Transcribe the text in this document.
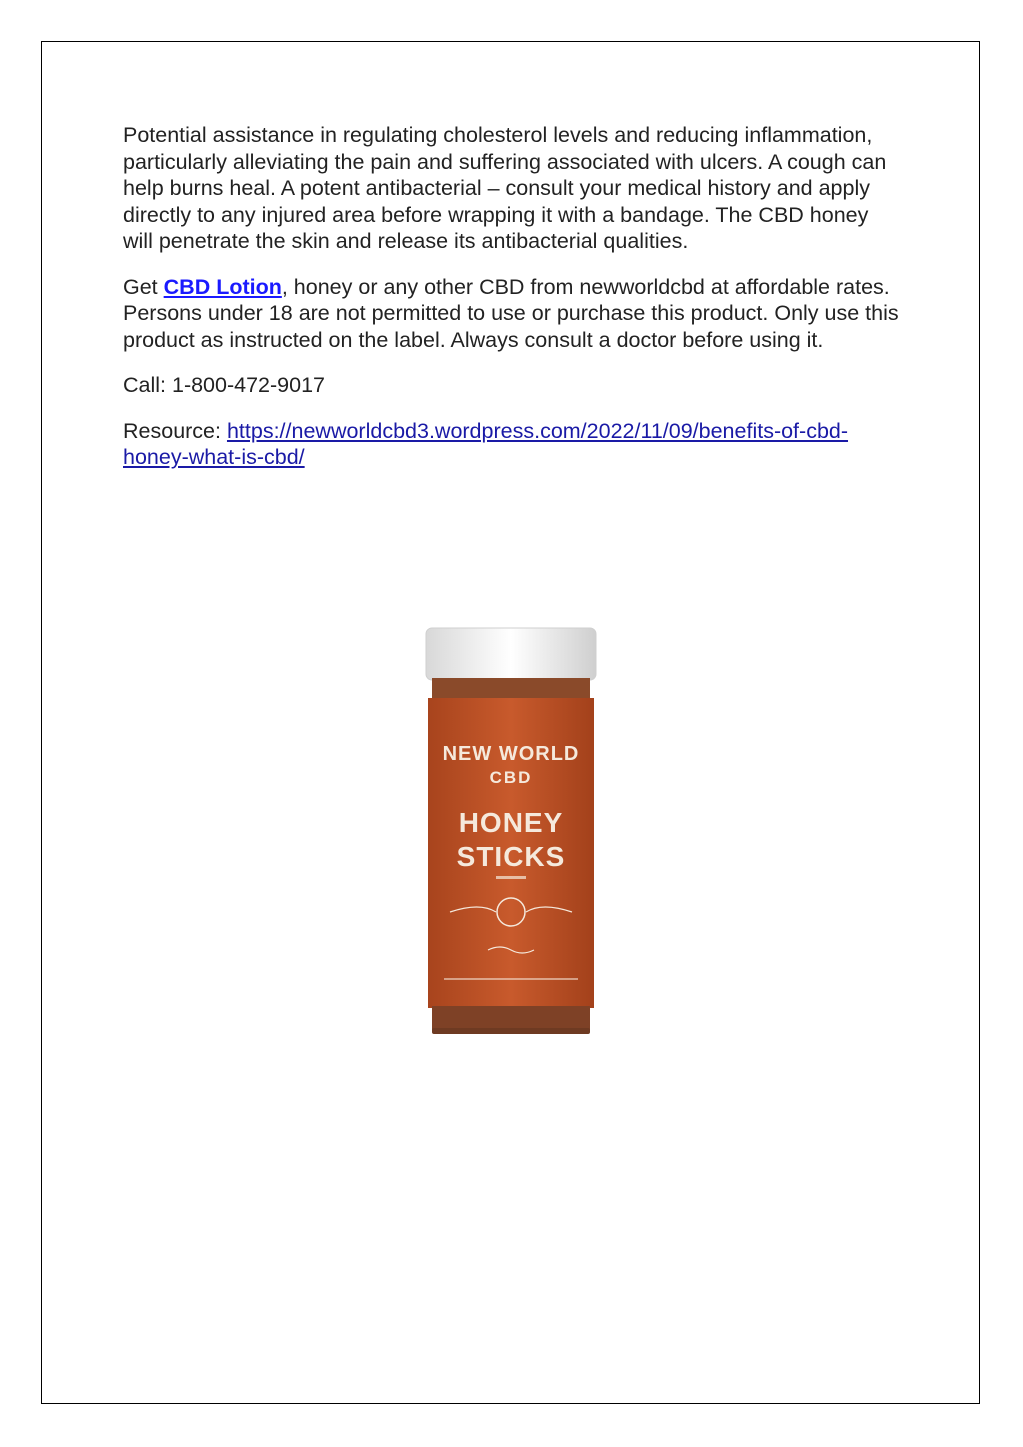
Potential assistance in regulating cholesterol levels and reducing inflammation, particularly alleviating the pain and suffering associated with ulcers. A cough can help burns heal. A potent antibacterial – consult your medical history and apply directly to any injured area before wrapping it with a bandage. The CBD honey will penetrate the skin and release its antibacterial qualities.

Get CBD Lotion, honey or any other CBD from newworldcbd at affordable rates. Persons under 18 are not permitted to use or purchase this product. Only use this product as instructed on the label. Always consult a doctor before using it.

Call: 1-800-472-9017

Resource: https://newworldcbd3.wordpress.com/2022/11/09/benefits-of-cbd-honey-what-is-cbd/

NEW WORLD
CBD
HONEY
STICKS
